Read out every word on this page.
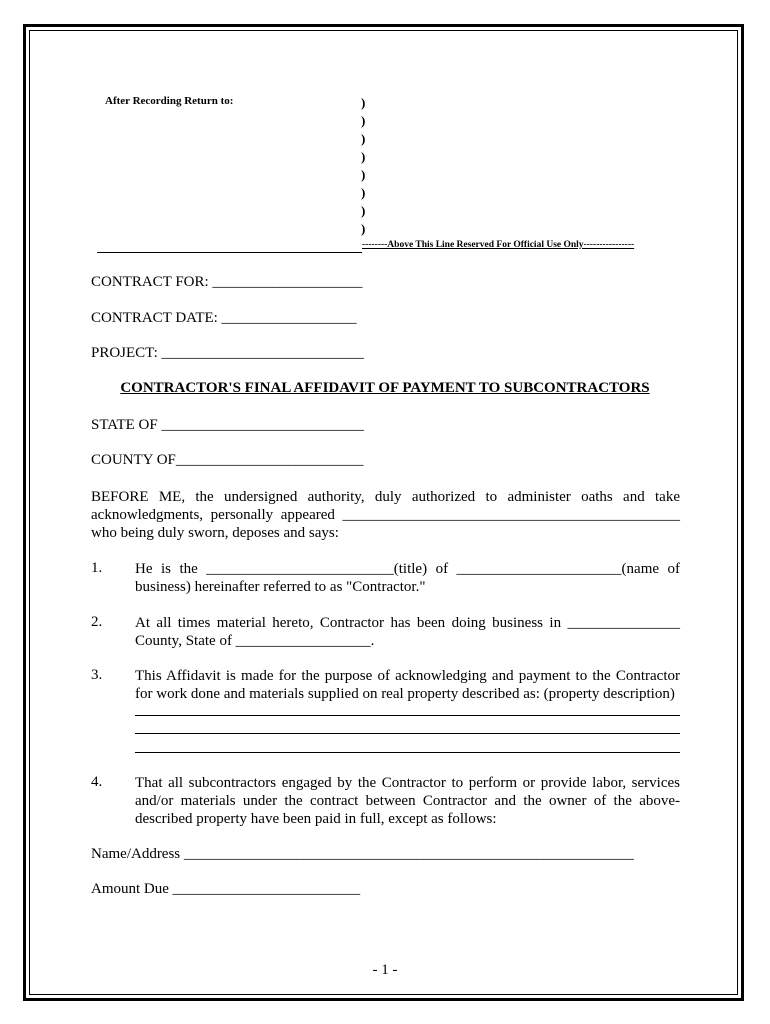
After Recording Return to:	)
)
)
)
)
)
)
)
--------Above This Line Reserved For Official Use Only----------------
CONTRACT FOR: ____________________
CONTRACT DATE: __________________
PROJECT: ___________________________
CONTRACTOR'S FINAL AFFIDAVIT OF PAYMENT TO SUBCONTRACTORS
STATE OF ___________________________
COUNTY OF_________________________
BEFORE ME, the undersigned authority, duly authorized to administer oaths and take acknowledgments, personally appeared _____________________________________________ who being duly sworn, deposes and says:
1. He is the _________________________(title) of ______________________(name of business) hereinafter referred to as "Contractor."
2. At all times material hereto, Contractor has been doing business in _______________ County, State of __________________.
3. This Affidavit is made for the purpose of acknowledging and payment to the Contractor for work done and materials supplied on real property described as: (property description)
4. That all subcontractors engaged by the Contractor to perform or provide labor, services and/or materials under the contract between Contractor and the owner of the above-described property have been paid in full, except as follows:
Name/Address ____________________________________________________________
Amount Due _________________________
- 1 -
